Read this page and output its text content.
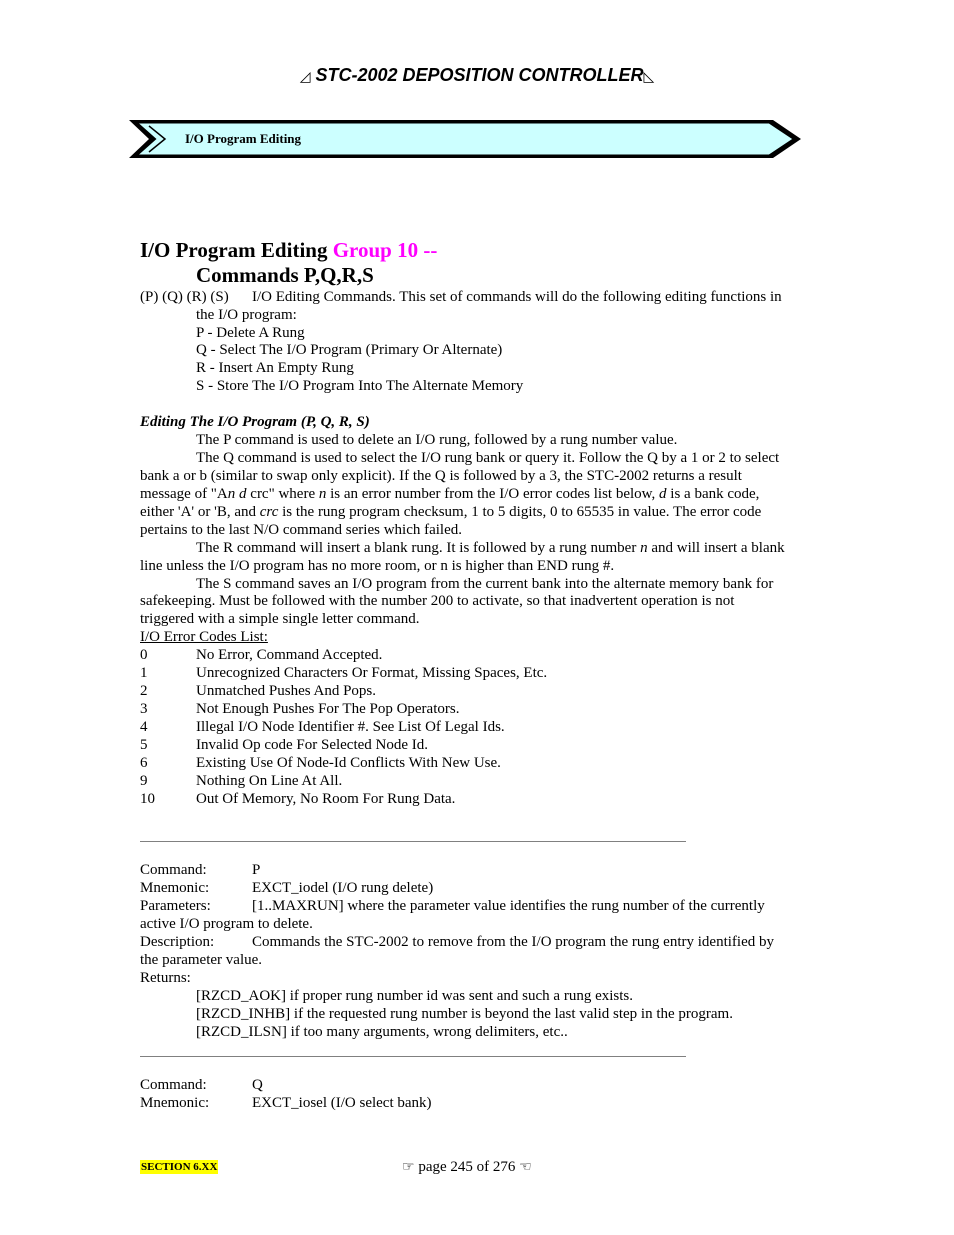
◿ STC-2002 DEPOSITION CONTROLLER◺
I/O Program Editing
I/O Program Editing Group 10 --
Commands P,Q,R,S
(P) (Q) (R) (S) I/O Editing Commands. This set of commands will do the following editing functions in
the I/O program:
P - Delete A Rung
Q - Select The I/O Program (Primary Or Alternate)
R - Insert An Empty Rung
S - Store The I/O Program Into The Alternate Memory
Editing The I/O Program (P, Q, R, S)
The P command is used to delete an I/O rung, followed by a rung number value.
The Q command is used to select the I/O rung bank or query it. Follow the Q by a 1 or 2 to select
bank a or b (similar to swap only explicit). If the Q is followed by a 3, the STC-2002 returns a result
message of "An d crc" where n is an error number from the I/O error codes list below, d is a bank code,
either 'A' or 'B, and crc is the rung program checksum, 1 to 5 digits, 0 to 65535 in value. The error code
pertains to the last N/O command series which failed.
The R command will insert a blank rung. It is followed by a rung number n and will insert a blank
line unless the I/O program has no more room, or n is higher than END rung #.
The S command saves an I/O program from the current bank into the alternate memory bank for
safekeeping. Must be followed with the number 200 to activate, so that inadvertent operation is not
triggered with a simple single letter command.
I/O Error Codes List:
0	No Error, Command Accepted.
1	Unrecognized Characters Or Format, Missing Spaces, Etc.
2	Unmatched Pushes And Pops.
3	Not Enough Pushes For The Pop Operators.
4	Illegal I/O Node Identifier #. See List Of Legal Ids.
5	Invalid Op code For Selected Node Id.
6	Existing Use Of Node-Id Conflicts With New Use.
9	Nothing On Line At All.
10	Out Of Memory, No Room For Rung Data.
Command:	P
Mnemonic:	EXCT_iodel (I/O rung delete)
Parameters:	[1..MAXRUN] where the parameter value identifies the rung number of the currently
active I/O program to delete.
Description:	Commands the STC-2002 to remove from the I/O program the rung entry identified by
the parameter value.
Returns:
[RZCD_AOK] if proper rung number id was sent and such a rung exists.
[RZCD_INHB] if the requested rung number is beyond the last valid step in the program.
[RZCD_ILSN] if too many arguments, wrong delimiters, etc..
Command:	Q
Mnemonic:	EXCT_iosel (I/O select bank)
SECTION 6.XX	☞ page 245 of 276 ☜
